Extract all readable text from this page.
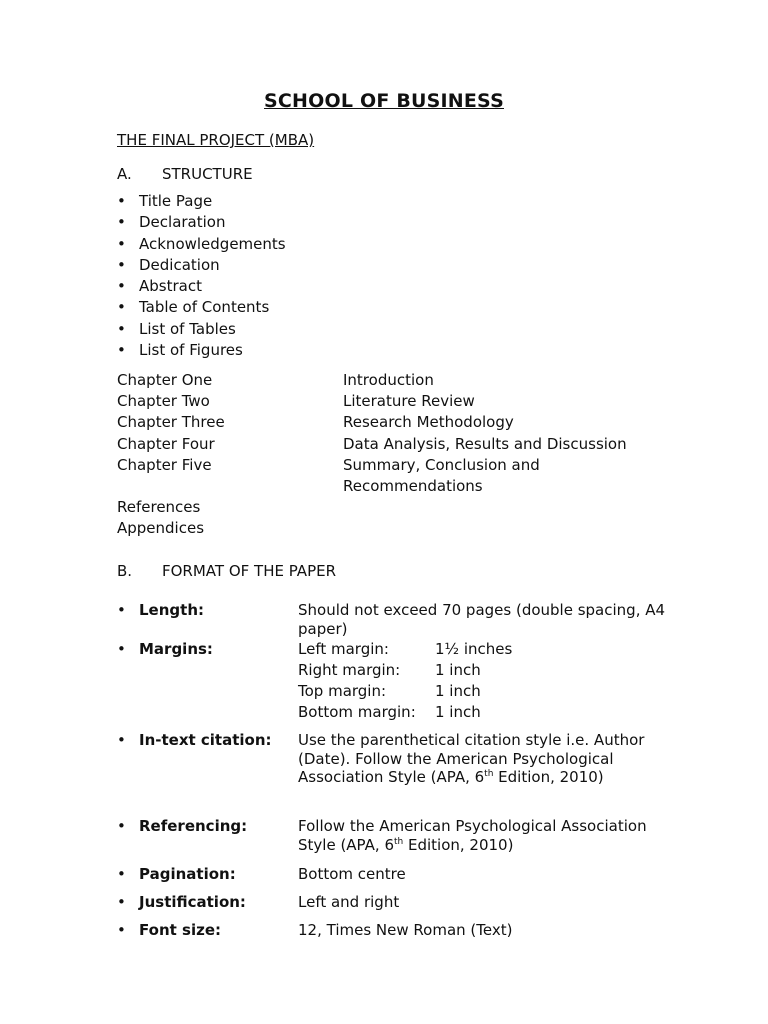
SCHOOL OF BUSINESS
THE FINAL PROJECT (MBA)
A. STRUCTURE
• Title Page
• Declaration
• Acknowledgements
• Dedication
• Abstract
• Table of Contents
• List of Tables
• List of Figures
Chapter One	Introduction
Chapter Two	Literature Review
Chapter Three	Research Methodology
Chapter Four	Data Analysis, Results and Discussion
Chapter Five	Summary, Conclusion and Recommendations
References
Appendices
B. FORMAT OF THE PAPER
• Length:	Should not exceed 70 pages (double spacing, A4 paper)
• Margins:	Left margin:	1½ inches
Right margin:	1 inch
Top margin:	1 inch
Bottom margin:	1 inch
• In-text citation:	Use the parenthetical citation style i.e. Author (Date). Follow the American Psychological Association Style (APA, 6th Edition, 2010)
• Referencing:	Follow the American Psychological Association Style (APA, 6th Edition, 2010)
• Pagination:	Bottom centre
• Justification:	Left and right
• Font size:	12, Times New Roman (Text)
